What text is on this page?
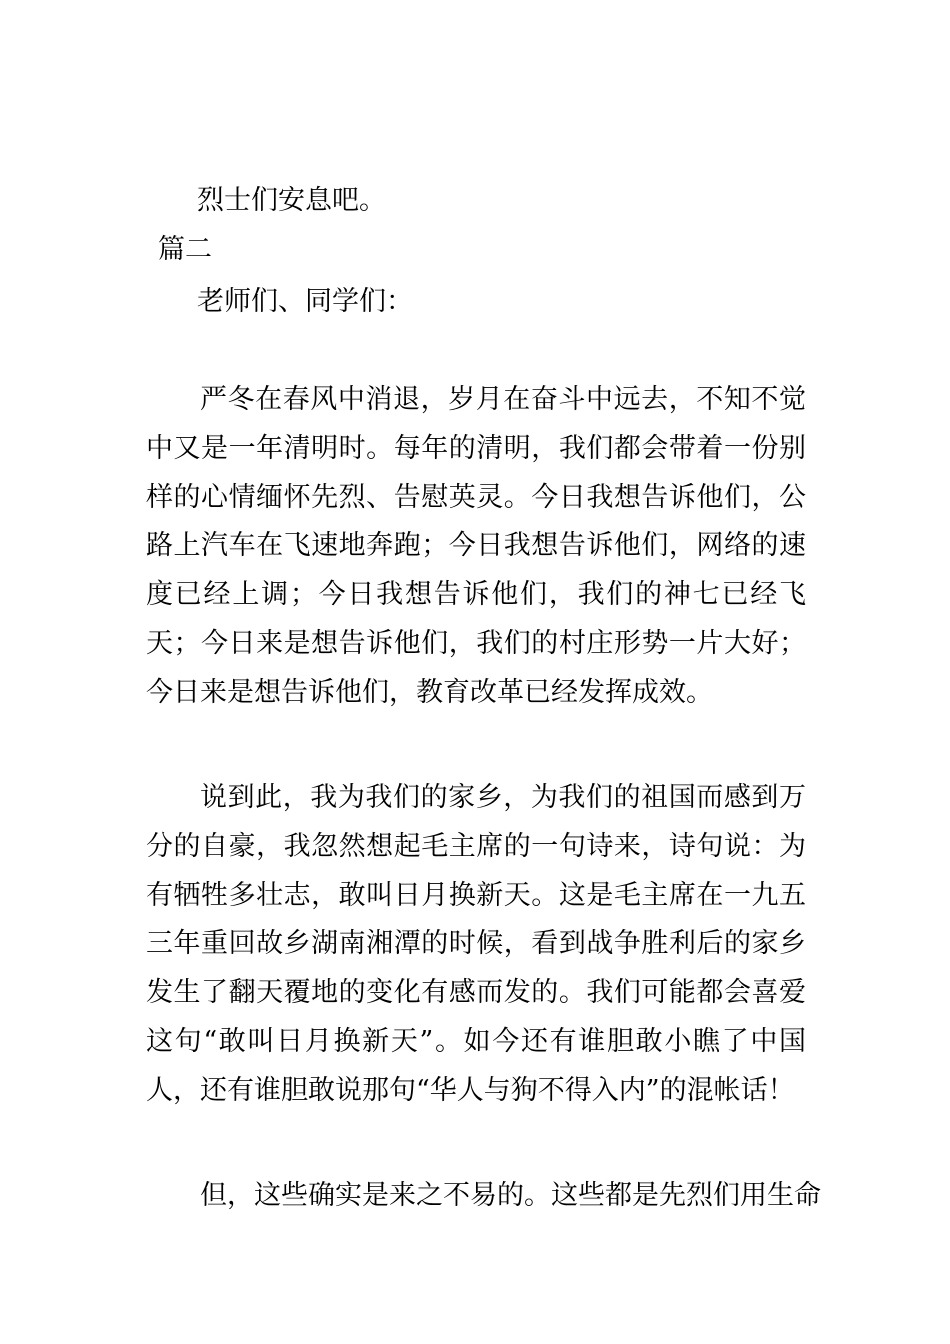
烈士们安息吧。
篇二
老师们、同学们：

严冬在春风中消退，岁月在奋斗中远去，不知不觉中又是一年清明时。每年的清明，我们都会带着一份别样的心情缅怀先烈、告慰英灵。今日我想告诉他们，公路上汽车在飞速地奔跑；今日我想告诉他们，网络的速度已经上调；今日我想告诉他们，我们的神七已经飞天；今日来是想告诉他们，我们的村庄形势一片大好；今日来是想告诉他们，教育改革已经发挥成效。

说到此，我为我们的家乡，为我们的祖国而感到万分的自豪，我忽然想起毛主席的一句诗来，诗句说：为有牺牲多壮志，敢叫日月换新天。这是毛主席在一九五三年重回故乡湖南湘潭的时候，看到战争胜利后的家乡发生了翻天覆地的变化有感而发的。我们可能都会喜爱这句“敢叫日月换新天”。如今还有谁胆敢小瞧了中国人，还有谁胆敢说那句“华人与狗不得入内”的混帐话！

但，这些确实是来之不易的。这些都是先烈们用生命
